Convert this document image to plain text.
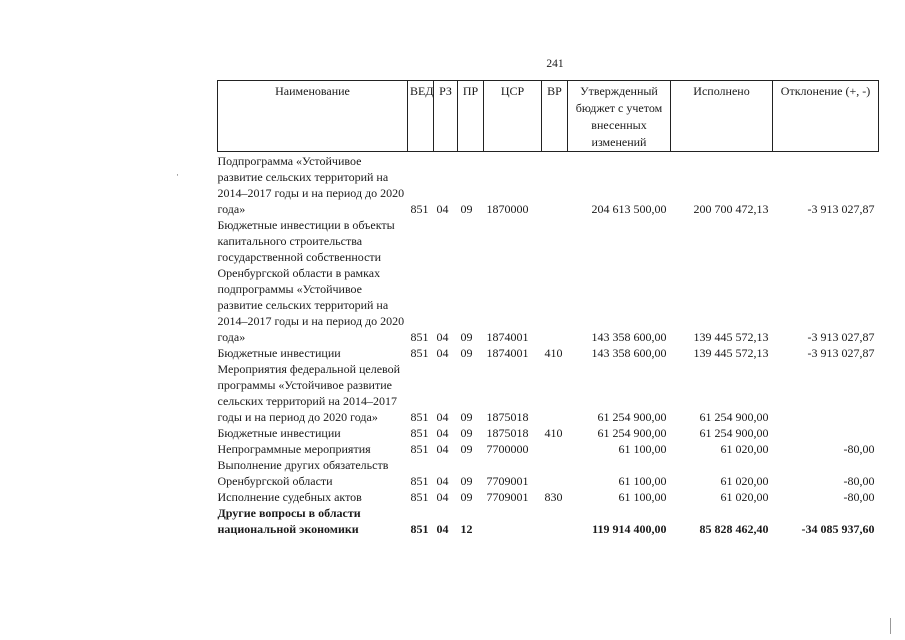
241
·
Наименование	ВЕД	РЗ	ПР	ЦСР	ВР	Утвержденный бюджет с учетом внесенных изменений	Исполнено	Отклонение (+, -)
Подпрограмма «Устойчивое развитие сельских территорий на 2014–2017 годы и на период до 2020 года»	851	04	09	1870000		204 613 500,00	200 700 472,13	-3 913 027,87
Бюджетные инвестиции в объекты капитального строительства государственной собственности Оренбургской области в рамках подпрограммы «Устойчивое развитие сельских территорий на 2014–2017 годы и на период до 2020 года»	851	04	09	1874001		143 358 600,00	139 445 572,13	-3 913 027,87
Бюджетные инвестиции	851	04	09	1874001	410	143 358 600,00	139 445 572,13	-3 913 027,87
Мероприятия федеральной целевой программы «Устойчивое развитие сельских территорий на 2014–2017 годы и на период до 2020 года»	851	04	09	1875018		61 254 900,00	61 254 900,00	
Бюджетные инвестиции	851	04	09	1875018	410	61 254 900,00	61 254 900,00	
Непрограммные мероприятия	851	04	09	7700000		61 100,00	61 020,00	-80,00
Выполнение других обязательств Оренбургской области	851	04	09	7709001		61 100,00	61 020,00	-80,00
Исполнение судебных актов	851	04	09	7709001	830	61 100,00	61 020,00	-80,00
Другие вопросы в области национальной экономики	851	04	12			119 914 400,00	85 828 462,40	-34 085 937,60
